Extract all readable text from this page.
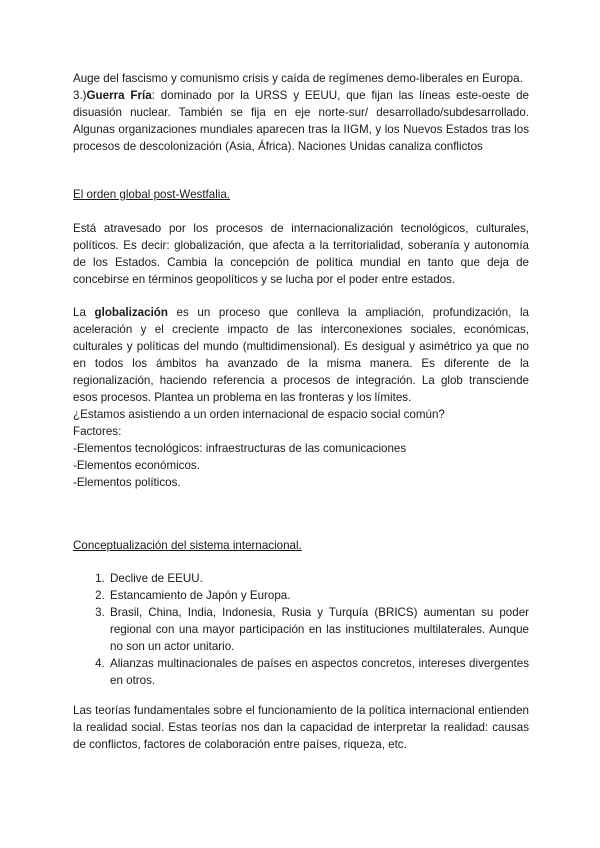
Auge del fascismo y comunismo crisis y caída de regímenes demo-liberales en Europa.

3.)Guerra Fría: dominado por la URSS y EEUU, que fijan las líneas este-oeste de disuasión nuclear. También se fija en eje norte-sur/ desarrollado/subdesarrollado. Algunas organizaciones mundiales aparecen tras la IIGM, y los Nuevos Estados tras los procesos de descolonización (Asia, África). Naciones Unidas canaliza conflictos

El orden global post-Westfalia.

Está atravesado por los procesos de internacionalización tecnológicos, culturales, políticos. Es decir: globalización, que afecta a la territorialidad, soberanía y autonomía de los Estados. Cambia la concepción de política mundial en tanto que deja de concebirse en términos geopolíticos y se lucha por el poder entre estados.

La globalización es un proceso que conlleva la ampliación, profundización, la aceleración y el creciente impacto de las interconexiones sociales, económicas, culturales y políticas del mundo (multidimensional). Es desigual y asimétrico ya que no en todos los ámbitos ha avanzado de la misma manera. Es diferente de la regionalización, haciendo referencia a procesos de integración. La glob transciende esos procesos. Plantea un problema en las fronteras y los límites.

¿Estamos asistiendo a un orden internacional de espacio social común?

Factores:

-Elementos tecnológicos: infraestructuras de las comunicaciones

-Elementos económicos.

-Elementos políticos.

Conceptualización del sistema internacional.

1. Declive de EEUU.
2. Estancamiento de Japón y Europa.
3. Brasil, China, India, Indonesia, Rusia y Turquía (BRICS) aumentan su poder regional con una mayor participación en las instituciones multilaterales. Aunque no son un actor unitario.
4. Alianzas multinacionales de países en aspectos concretos, intereses divergentes en otros.

Las teorías fundamentales sobre el funcionamiento de la política internacional entienden la realidad social. Estas teorías nos dan la capacidad de interpretar la realidad: causas de conflictos, factores de colaboración entre países, riqueza, etc.
